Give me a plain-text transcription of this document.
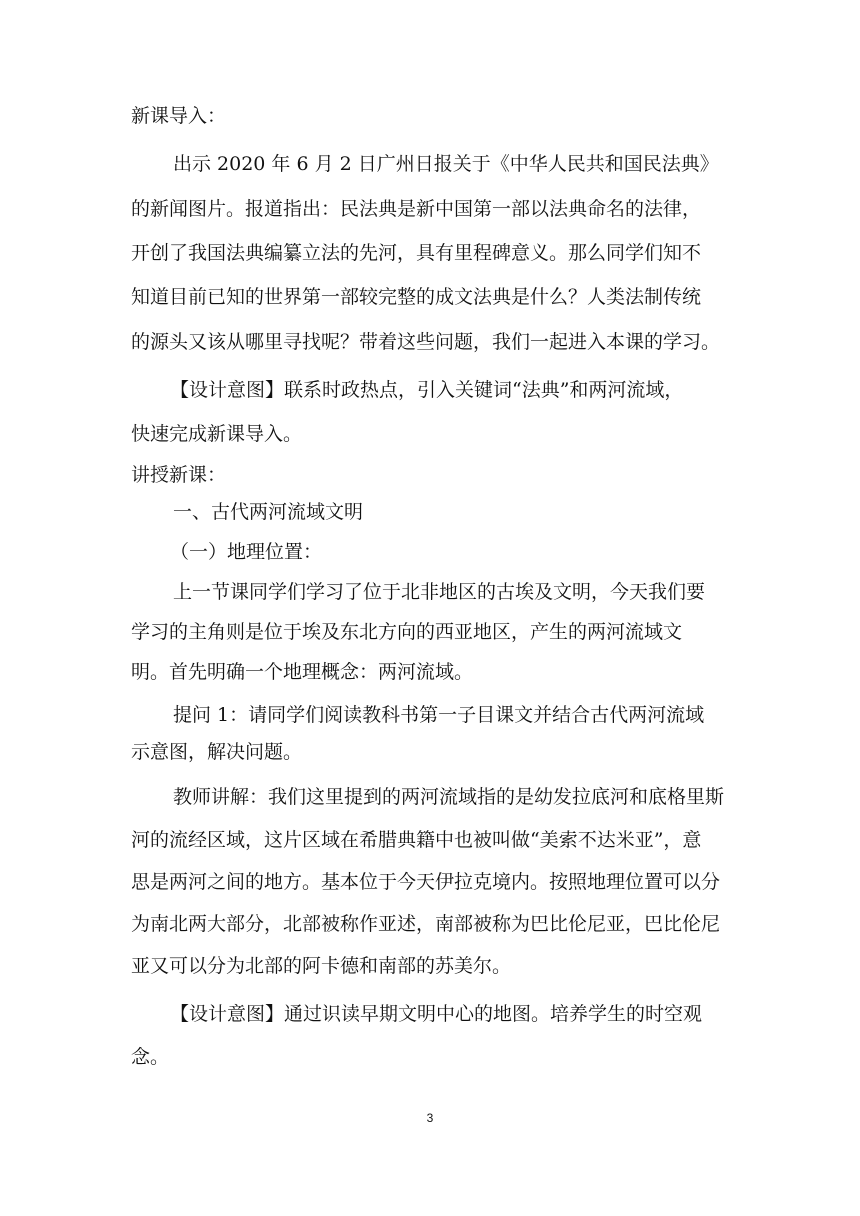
新课导入：
出示 2020 年 6 月 2 日广州日报关于《中华人民共和国民法典》
的新闻图片。报道指出：民法典是新中国第一部以法典命名的法律，
开创了我国法典编纂立法的先河，具有里程碑意义。那么同学们知不
知道目前已知的世界第一部较完整的成文法典是什么？人类法制传统
的源头又该从哪里寻找呢？带着这些问题，我们一起进入本课的学习。
【设计意图】联系时政热点，引入关键词“法典”和两河流域，
快速完成新课导入。
讲授新课：
一、古代两河流域文明
（一）地理位置：
上一节课同学们学习了位于北非地区的古埃及文明，今天我们要
学习的主角则是位于埃及东北方向的西亚地区，产生的两河流域文
明。首先明确一个地理概念：两河流域。
提问 1：请同学们阅读教科书第一子目课文并结合古代两河流域
示意图，解决问题。
教师讲解：我们这里提到的两河流域指的是幼发拉底河和底格里斯
河的流经区域，这片区域在希腊典籍中也被叫做“美索不达米亚”，意
思是两河之间的地方。基本位于今天伊拉克境内。按照地理位置可以分
为南北两大部分，北部被称作亚述，南部被称为巴比伦尼亚，巴比伦尼
亚又可以分为北部的阿卡德和南部的苏美尔。
【设计意图】通过识读早期文明中心的地图。培养学生的时空观
念。
3
